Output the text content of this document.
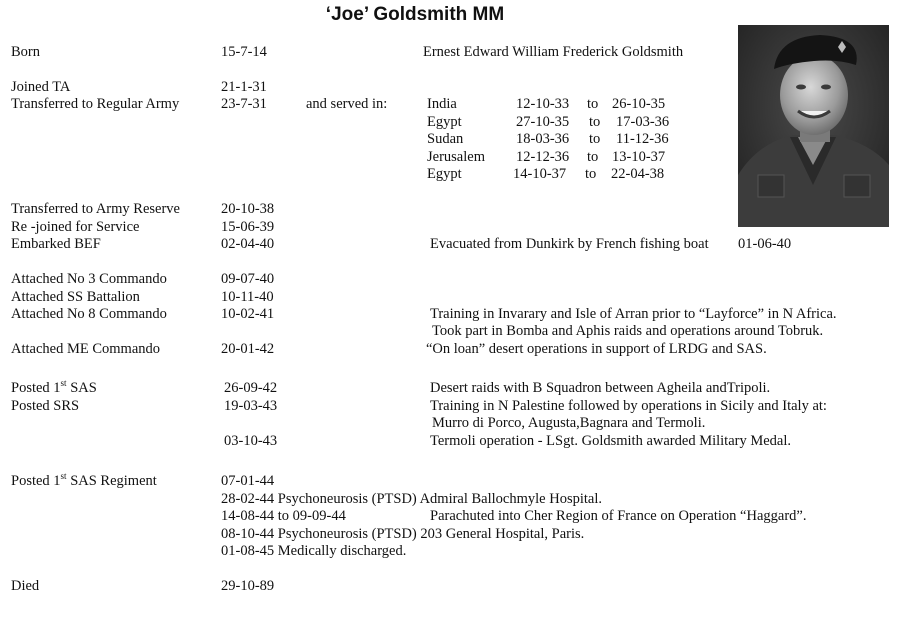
‘Joe’ Goldsmith MM
Born	15-7-14	Ernest Edward William Frederick Goldsmith
Joined TA	21-1-31
Transferred to Regular Army	23-7-31	and served in:	India	12-10-33 to 26-10-35
Egypt	27-10-35 to 17-03-36
Sudan	18-03-36 to 11-12-36
Jerusalem 12-12-36 to 13-10-37
Egypt	14-10-37 to 22-04-38
Transferred to Army Reserve	20-10-38
Re -joined for Service	15-06-39
Embarked BEF	02-04-40	Evacuated from Dunkirk by French fishing boat 01-06-40
Attached No 3 Commando	09-07-40
Attached SS Battalion	10-11-40
Attached No 8 Commando	10-02-41	Training in Invarary and Isle of Arran prior to “Layforce” in N Africa.
Took part in Bomba and Aphis raids and operations around Tobruk.
Attached ME Commando	20-01-42	“On loan” desert operations in support of LRDG and SAS.
Posted 1st SAS	26-09-42	Desert raids with B Squadron between Agheila andTripoli.
Posted SRS	19-03-43	Training in N Palestine followed by operations in Sicily and Italy at:
Murro di Porco, Augusta,Bagnara and Termoli.
03-10-43	Termoli operation - LSgt. Goldsmith awarded Military Medal.
Posted 1st SAS Regiment	07-01-44
28-02-44 Psychoneurosis (PTSD) Admiral Ballochmyle Hospital.
14-08-44 to 09-09-44	Parachuted into Cher Region of France on Operation “Haggard”.
08-10-44 Psychoneurosis (PTSD) 203 General Hospital, Paris.
01-08-45 Medically discharged.
Died	29-10-89
